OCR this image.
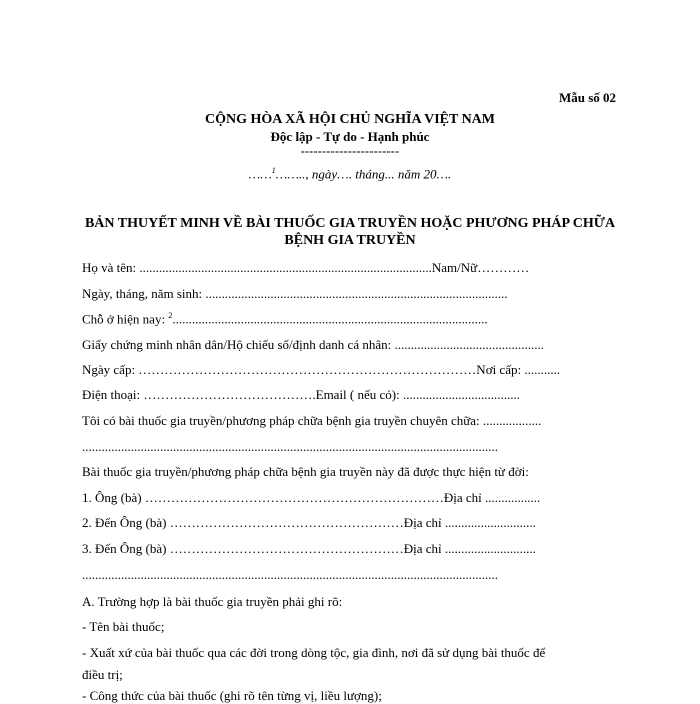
Mẫu số 02
CỘNG HÒA XÃ HỘI CHỦ NGHĨA VIỆT NAM
Độc lập - Tự do - Hạnh phúc
-----------------------
……$^1$…….., ngày…. tháng... năm 20….
BẢN THUYẾT MINH VỀ BÀI THUỐC GIA TRUYỀN HOẶC PHƯƠNG PHÁP CHỮA BỆNH GIA TRUYỀN
Họ và tên: ..........................................................................................Nam/Nữ…………
Ngày, tháng, năm sinh: .............................................................................................
Chỗ ở hiện nay: $^2$.................................................................................................
Giấy chứng minh nhân dân/Hộ chiếu số/định danh cá nhân: ..............................................
Ngày cấp: ……………………………………………………………………Nơi cấp: ...........
Điện thoại: ………………………………….Email ( nếu có): ....................................
Tôi có bài thuốc gia truyền/phương pháp chữa bệnh gia truyền chuyên chữa: ..................
................................................................................................................................
Bài thuốc gia truyền/phương pháp chữa bệnh gia truyền này đã được thực hiện từ đời:
1. Ông (bà) ……………………………………………………………Địa chỉ .................
2. Đến Ông (bà) ………………………………………………Địa chỉ ............................
3. Đến Ông (bà) ………………………………………………Địa chỉ ............................
................................................................................................................................
A. Trường hợp là bài thuốc gia truyền phải ghi rõ:
- Tên bài thuốc;
- Xuất xứ của bài thuốc qua các đời trong dòng tộc, gia đình, nơi đã sử dụng bài thuốc để điều trị;
- Công thức của bài thuốc (ghi rõ tên từng vị, liều lượng);
